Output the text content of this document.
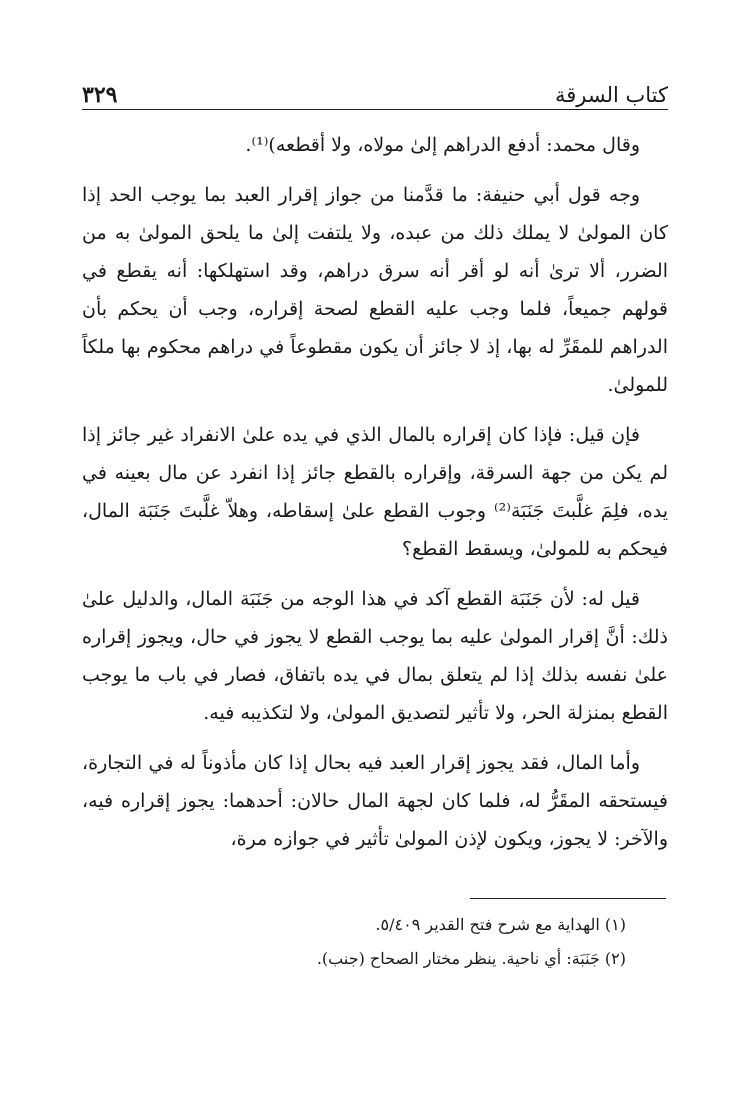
كتاب السرقة
٣٢٩

وقال محمد: أدفع الدراهم إلىٰ مولاه، ولا أقطعه)⁽¹⁾.

وجه قول أبي حنيفة: ما قدَّمنا من جواز إقرار العبد بما يوجب الحد إذا كان المولىٰ لا يملك ذلك من عبده، ولا يلتفت إلىٰ ما يلحق المولىٰ به من الضرر، ألا ترىٰ أنه لو أقر أنه سرق دراهم، وقد استهلكها: أنه يقطع في قولهم جميعاً، فلما وجب عليه القطع لصحة إقراره، وجب أن يحكم بأن الدراهم للمقَرِّ له بها، إذ لا جائز أن يكون مقطوعاً في دراهم محكوم بها ملكاً للمولىٰ.

فإن قيل: فإذا كان إقراره بالمال الذي في يده علىٰ الانفراد غير جائز إذا لم يكن من جهة السرقة، وإقراره بالقطع جائز إذا انفرد عن مال بعينه في يده، فلِمَ غلَّبتَ جَنَبَة⁽²⁾ وجوب القطع علىٰ إسقاطه، وهلاّ غلَّبتَ جَنَبَة المال، فيحكم به للمولىٰ، ويسقط القطع؟

قيل له: لأن جَنَبَة القطع آكد في هذا الوجه من جَنَبَة المال، والدليل علىٰ ذلك: أنَّ إقرار المولىٰ عليه بما يوجب القطع لا يجوز في حال، ويجوز إقراره علىٰ نفسه بذلك إذا لم يتعلق بمال في يده باتفاق، فصار في باب ما يوجب القطع بمنزلة الحر، ولا تأثير لتصديق المولىٰ، ولا لتكذيبه فيه.

وأما المال، فقد يجوز إقرار العبد فيه بحال إذا كان مأذوناً له في التجارة، فيستحقه المقَرُّ له، فلما كان لجهة المال حالان: أحدهما: يجوز إقراره فيه، والآخر: لا يجوز، ويكون لإذن المولىٰ تأثير في جوازه مرة،

(١) الهداية مع شرح فتح القدير ٥/٤٠٩.
(٢) جَنَبَة: أي ناحية. ينظر مختار الصحاح (جنب).
